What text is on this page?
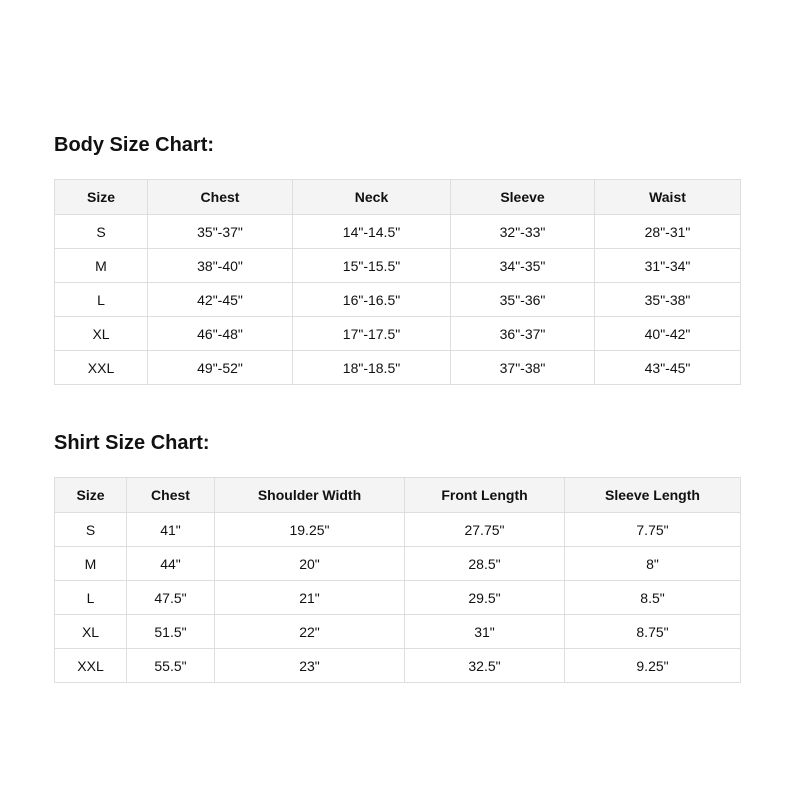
Body Size Chart:
Size	Chest	Neck	Sleeve	Waist
S	35"-37"	14"-14.5"	32"-33"	28"-31"
M	38"-40"	15"-15.5"	34"-35"	31"-34"
L	42"-45"	16"-16.5"	35"-36"	35"-38"
XL	46"-48"	17"-17.5"	36"-37"	40"-42"
XXL	49"-52"	18"-18.5"	37"-38"	43"-45"
Shirt Size Chart:
Size	Chest	Shoulder Width	Front Length	Sleeve Length
S	41"	19.25"	27.75"	7.75"
M	44"	20"	28.5"	8"
L	47.5"	21"	29.5"	8.5"
XL	51.5"	22"	31"	8.75"
XXL	55.5"	23"	32.5"	9.25"
